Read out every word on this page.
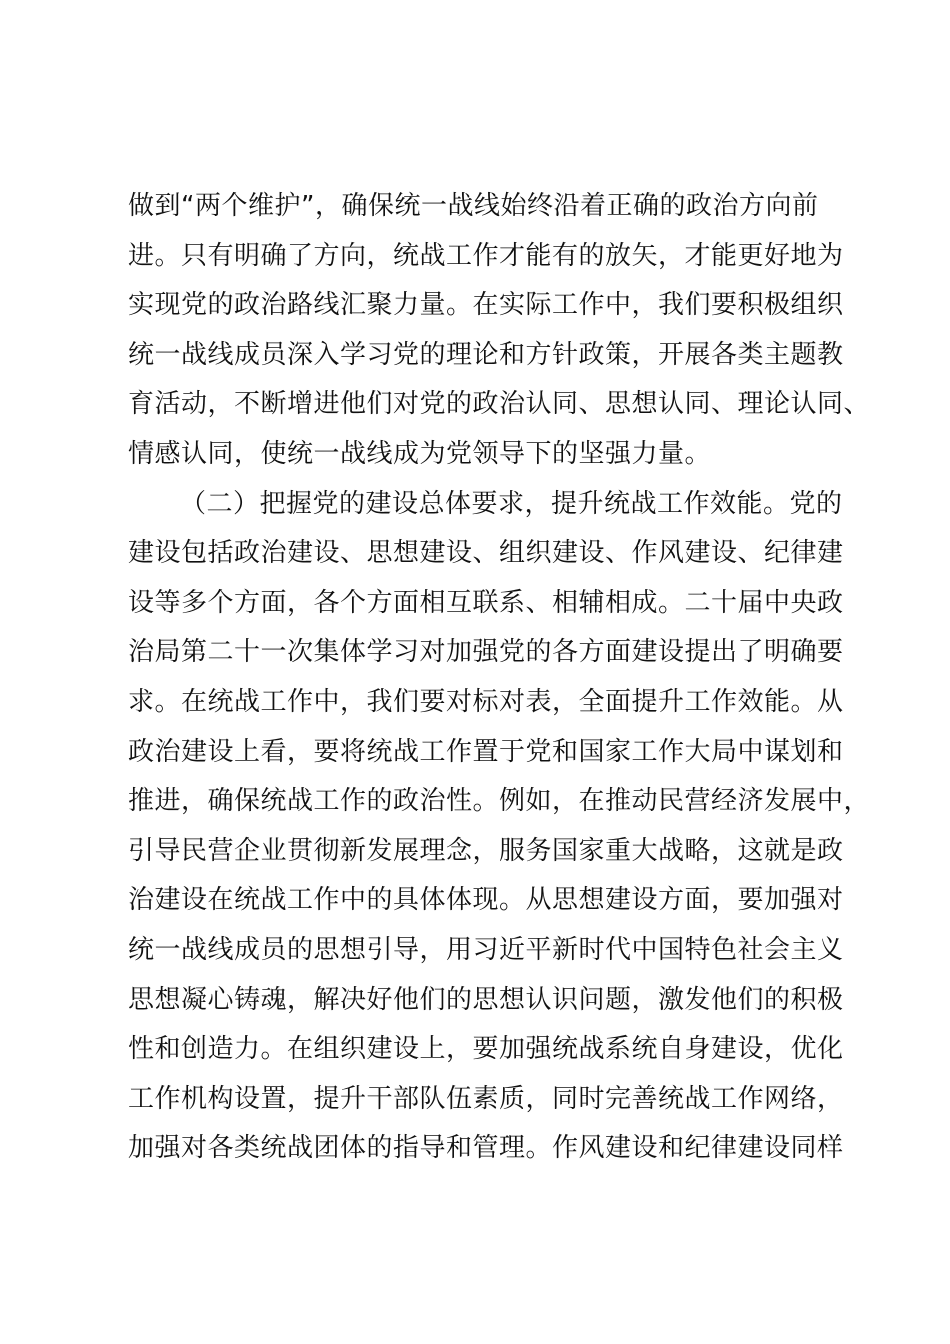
做到“两个维护”，确保统一战线始终沿着正确的政治方向前
进。只有明确了方向，统战工作才能有的放矢，才能更好地为
实现党的政治路线汇聚力量。在实际工作中，我们要积极组织
统一战线成员深入学习党的理论和方针政策，开展各类主题教
育活动，不断增进他们对党的政治认同、思想认同、理论认同、
情感认同，使统一战线成为党领导下的坚强力量。
（二）把握党的建设总体要求，提升统战工作效能。党的
建设包括政治建设、思想建设、组织建设、作风建设、纪律建
设等多个方面，各个方面相互联系、相辅相成。二十届中央政
治局第二十一次集体学习对加强党的各方面建设提出了明确要
求。在统战工作中，我们要对标对表，全面提升工作效能。从
政治建设上看，要将统战工作置于党和国家工作大局中谋划和
推进，确保统战工作的政治性。例如，在推动民营经济发展中，
引导民营企业贯彻新发展理念，服务国家重大战略，这就是政
治建设在统战工作中的具体体现。从思想建设方面，要加强对
统一战线成员的思想引导，用习近平新时代中国特色社会主义
思想凝心铸魂，解决好他们的思想认识问题，激发他们的积极
性和创造力。在组织建设上，要加强统战系统自身建设，优化
工作机构设置，提升干部队伍素质，同时完善统战工作网络，
加强对各类统战团体的指导和管理。作风建设和纪律建设同样
